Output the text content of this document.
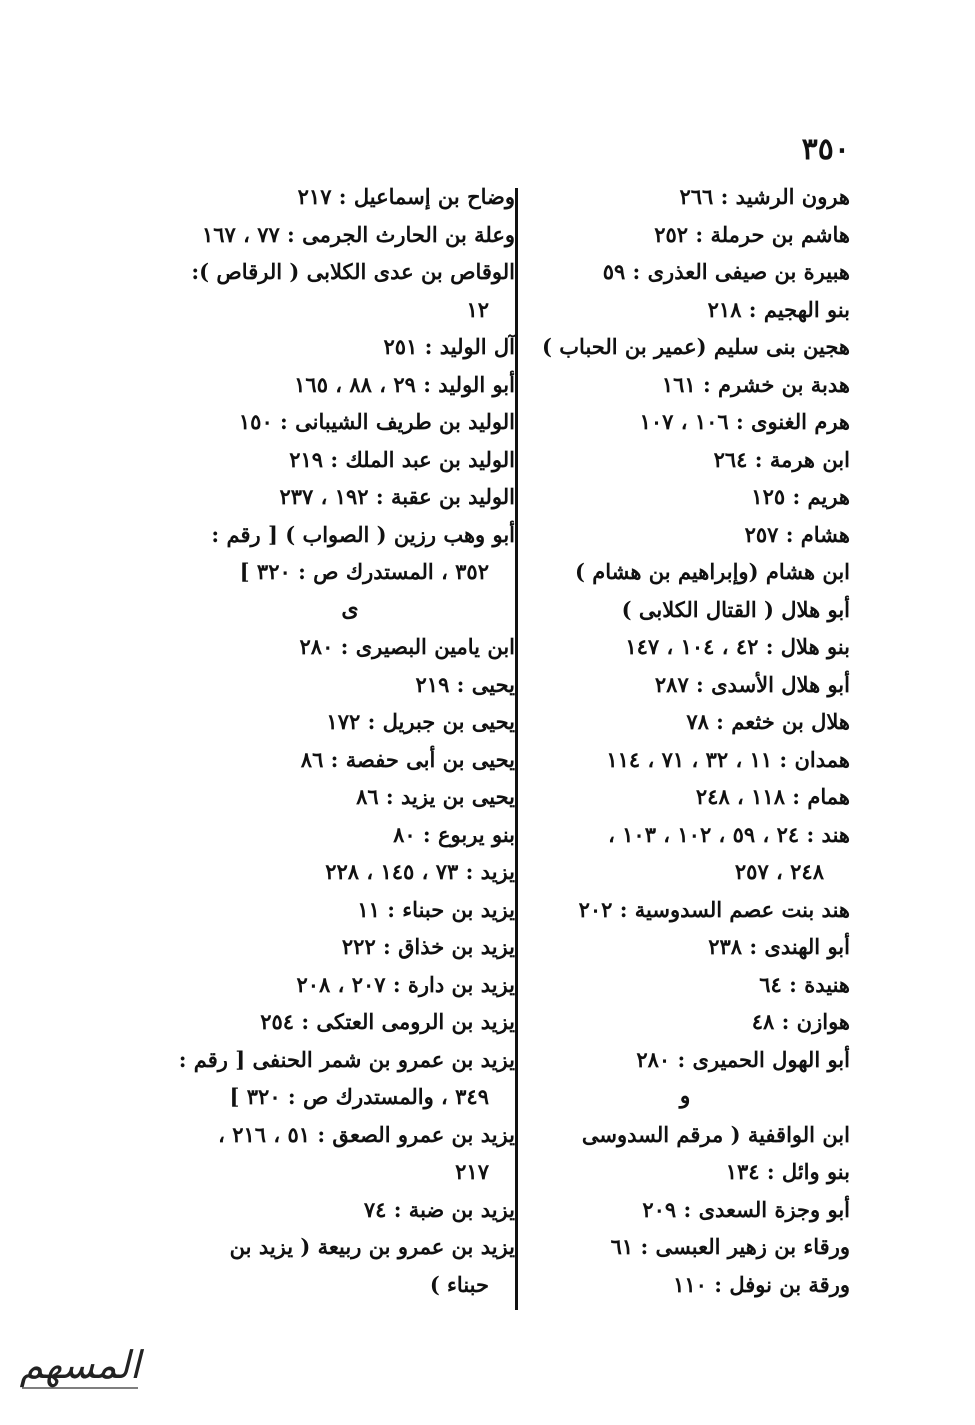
٣٥٠
هرون الرشيد : ٢٦٦
هاشم بن حرملة : ٢٥٢
هبيرة بن صيفى العذرى : ٥٩
بنو الهجيم : ٢١٨
هجين بنى سليم (عمير بن الحباب )
هدبة بن خشرم : ١٦١
هرم الغنوى : ١٠٦ ، ١٠٧
ابن هرمة : ٢٦٤
هريم : ١٢٥
هشام : ٢٥٧
ابن هشام (وإبراهيم بن هشام )
أبو هلال ( القتال الكلابى )
بنو هلال : ٤٢ ، ١٠٤ ، ١٤٧
أبو هلال الأسدى : ٢٨٧
هلال بن خثعم : ٧٨
همدان : ١١ ، ٣٢ ، ٧١ ، ١١٤
همام : ١١٨ ، ٢٤٨
هند : ٢٤ ، ٥٩ ، ١٠٢ ، ١٠٣ ،
٢٤٨ ، ٢٥٧
هند بنت عصم السدوسية : ٢٠٢
أبو الهندى : ٢٣٨
هنيدة : ٦٤
هوازن : ٤٨
أبو الهول الحميرى : ٢٨٠
و
ابن الواقفية ( مرقم السدوسى
بنو وائل : ١٣٤
أبو وجزة السعدى : ٢٠٩
ورقاء بن زهير العبسى : ٦١
ورقة بن نوفل : ١١٠
وضاح بن إسماعيل : ٢١٧
وعلة بن الحارث الجرمى : ٧٧ ، ١٦٧
الوقاص بن عدى الكلابى ( الرقاص ):
١٢
آل الوليد : ٢٥١
أبو الوليد : ٢٩ ، ٨٨ ، ١٦٥
الوليد بن طريف الشيبانى : ١٥٠
الوليد بن عبد الملك : ٢١٩
الوليد بن عقبة : ١٩٢ ، ٢٣٧
أبو وهب رزين ( الصواب ) [ رقم :
٣٥٢ ، المستدرك ص : ٣٢٠ ]
ى
ابن يامين البصيرى : ٢٨٠
يحيى : ٢١٩
يحيى بن جبريل : ١٧٢
يحيى بن أبى حفصة : ٨٦
يحيى بن يزيد : ٨٦
بنو يربوع : ٨٠
يزيد : ٧٣ ، ١٤٥ ، ٢٢٨
يزيد بن حبناء : ١١
يزيد بن خذاق : ٢٢٢
يزيد بن دارة : ٢٠٧ ، ٢٠٨
يزيد بن الرومى العتكى : ٢٥٤
يزيد بن عمرو بن شمر الحنفى [ رقم :
٣٤٩ ، والمستدرك ص : ٣٢٠ ]
يزيد بن عمرو الصعق : ٥١ ، ٢١٦ ،
٢١٧
يزيد بن ضبة : ٧٤
يزيد بن عمرو بن ربيعة ( يزيد بن
حبناء )
المسهم
